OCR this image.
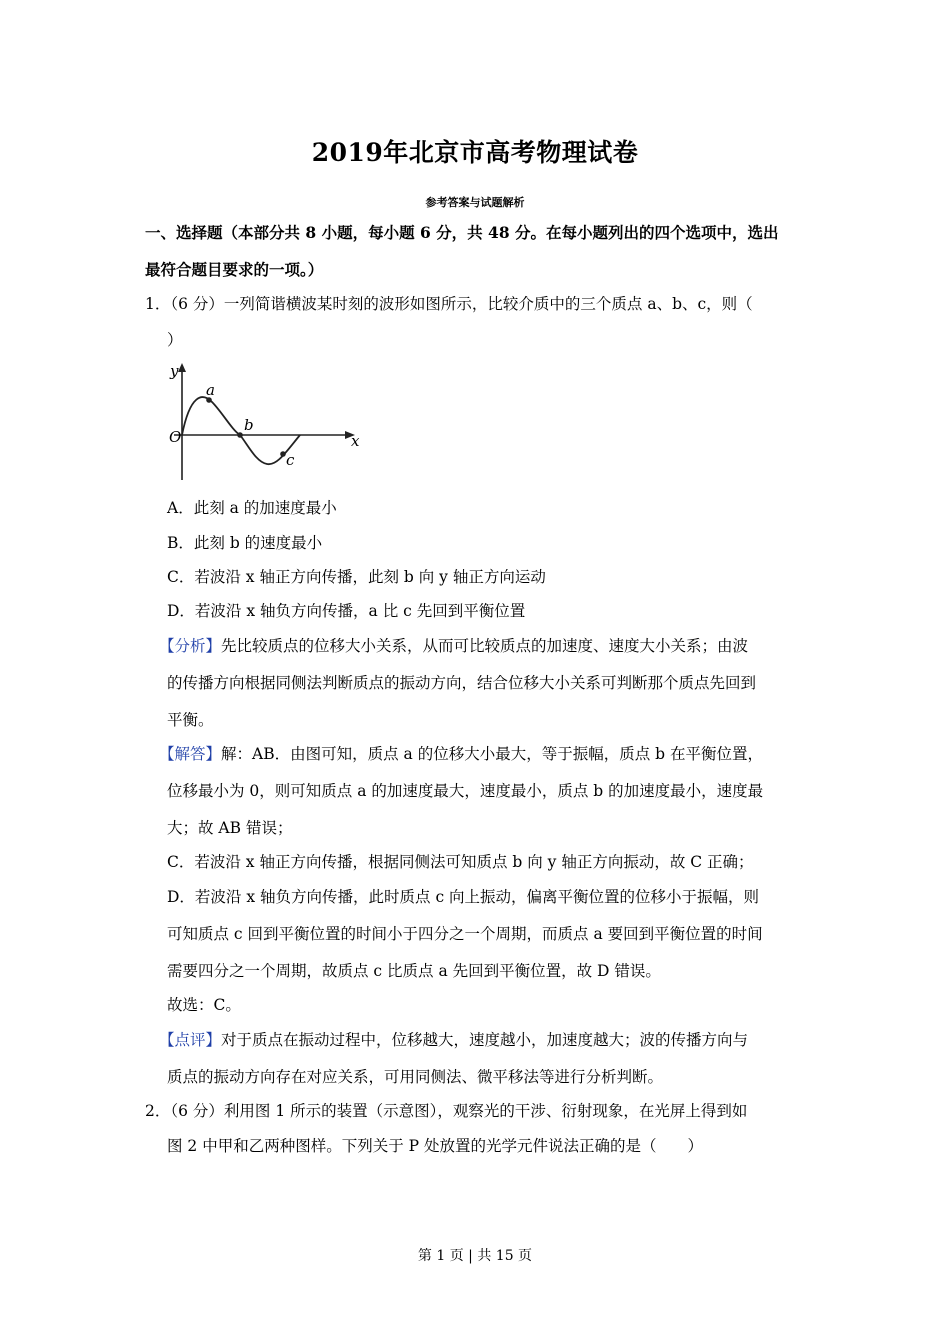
2019年北京市高考物理试卷
参考答案与试题解析
一、选择题（本部分共 8 小题，每小题 6 分，共 48 分。在每小题列出的四个选项中，选出
最符合题目要求的一项。）
1．（6 分）一列简谐横波某时刻的波形如图所示，比较介质中的三个质点 a、b、c，则（
）
y
x
O
a
b
c
A．此刻 a 的加速度最小
B．此刻 b 的速度最小
C．若波沿 x 轴正方向传播，此刻 b 向 y 轴正方向运动
D．若波沿 x 轴负方向传播，a 比 c 先回到平衡位置
【分析】先比较质点的位移大小关系，从而可比较质点的加速度、速度大小关系；由波
的传播方向根据同侧法判断质点的振动方向，结合位移大小关系可判断那个质点先回到
平衡。
【解答】解：AB．由图可知，质点 a 的位移大小最大，等于振幅，质点 b 在平衡位置，
位移最小为 0，则可知质点 a 的加速度最大，速度最小，质点 b 的加速度最小，速度最
大；故 AB 错误；
C．若波沿 x 轴正方向传播，根据同侧法可知质点 b 向 y 轴正方向振动，故 C 正确；
D．若波沿 x 轴负方向传播，此时质点 c 向上振动，偏离平衡位置的位移小于振幅，则
可知质点 c 回到平衡位置的时间小于四分之一个周期，而质点 a 要回到平衡位置的时间
需要四分之一个周期，故质点 c 比质点 a 先回到平衡位置，故 D 错误。
故选：C。
【点评】对于质点在振动过程中，位移越大，速度越小，加速度越大；波的传播方向与
质点的振动方向存在对应关系，可用同侧法、微平移法等进行分析判断。
2．（6 分）利用图 1 所示的装置（示意图），观察光的干涉、衍射现象，在光屏上得到如
图 2 中甲和乙两种图样。下列关于 P 处放置的光学元件说法正确的是（　　）
第 1 页 | 共 15 页
